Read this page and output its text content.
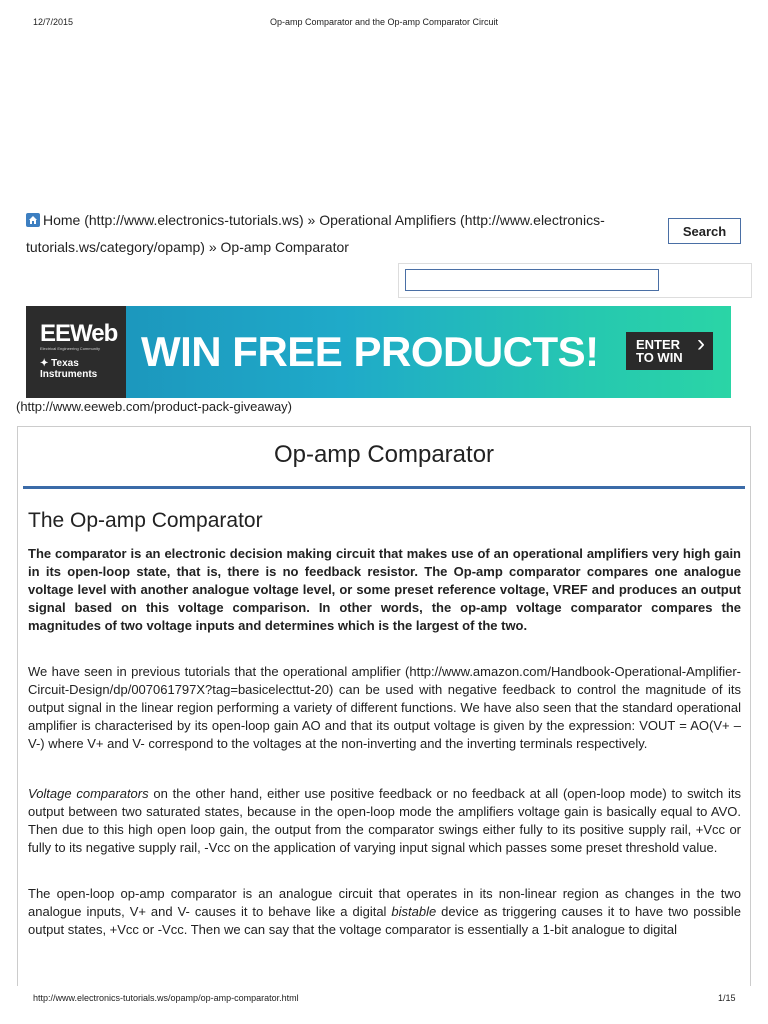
12/7/2015	Op-amp Comparator and the Op-amp Comparator Circuit
Home (http://www.electronics-tutorials.ws) » Operational Amplifiers (http://www.electronics-tutorials.ws/category/opamp) » Op-amp Comparator
Search
EEWeb
Electrical Engineering Community
✦ Texas
Instruments WIN FREE PRODUCTS!	ENTER
TO WIN
›
(http://www.eeweb.com/product-pack-giveaway)
Op-amp Comparator
The Op-amp Comparator
The comparator is an electronic decision making circuit that makes use of an operational amplifiers very high gain in its open-loop state, that is, there is no feedback resistor. The Op-amp comparator compares one analogue voltage level with another analogue voltage level, or some preset reference voltage, VREF and produces an output signal based on this voltage comparison. In other words, the op-amp voltage comparator compares the magnitudes of two voltage inputs and determines which is the largest of the two.
We have seen in previous tutorials that the operational amplifier (http://www.amazon.com/Handbook-Operational-Amplifier-Circuit-Design/dp/007061797X?tag=basicelecttut-20) can be used with negative feedback to control the magnitude of its output signal in the linear region performing a variety of different functions. We have also seen that the standard operational amplifier is characterised by its open-loop gain AO and that its output voltage is given by the expression: VOUT = AO(V+ – V-) where V+ and V- correspond to the voltages at the non-inverting and the inverting terminals respectively.
Voltage comparators on the other hand, either use positive feedback or no feedback at all (open-loop mode) to switch its output between two saturated states, because in the open-loop mode the amplifiers voltage gain is basically equal to AVO. Then due to this high open loop gain, the output from the comparator swings either fully to its positive supply rail, +Vcc or fully to its negative supply rail, -Vcc on the application of varying input signal which passes some preset threshold value.
The open-loop op-amp comparator is an analogue circuit that operates in its non-linear region as changes in the two analogue inputs, V+ and V- causes it to behave like a digital bistable device as triggering causes it to have two possible output states, +Vcc or -Vcc. Then we can say that the voltage comparator is essentially a 1-bit analogue to digital
http://www.electronics-tutorials.ws/opamp/op-amp-comparator.html	1/15
